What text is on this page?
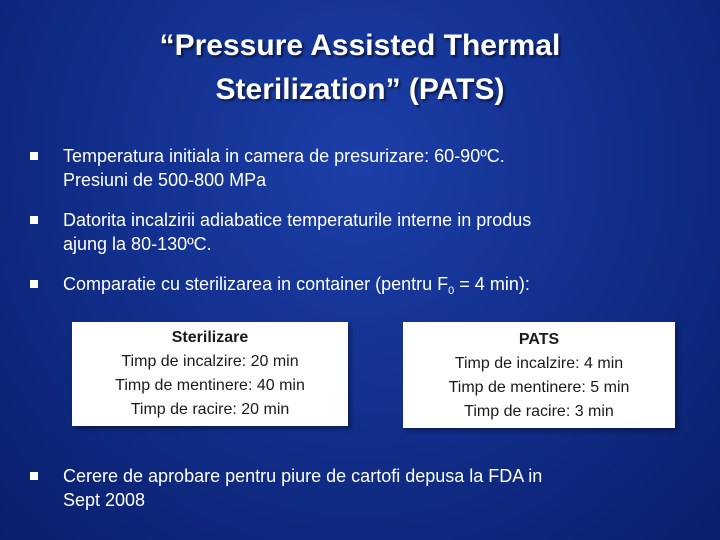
“Pressure Assisted Thermal
Sterilization” (PATS)
Temperatura initiala in camera de presurizare: 60-90ºC.
Presiuni de 500-800 MPa
Datorita incalzirii adiabatice temperaturile interne in produs
ajung la 80-130ºC.
Comparatie cu sterilizarea in container (pentru $F_0 = 4$ min):
Sterilizare
Timp de incalzire: 20 min
Timp de mentinere: 40 min
Timp de racire: 20 min
PATS
Timp de incalzire: 4 min
Timp de mentinere: 5 min
Timp de racire: 3 min
Cerere de aprobare pentru piure de cartofi depusa la FDA in
Sept 2008
